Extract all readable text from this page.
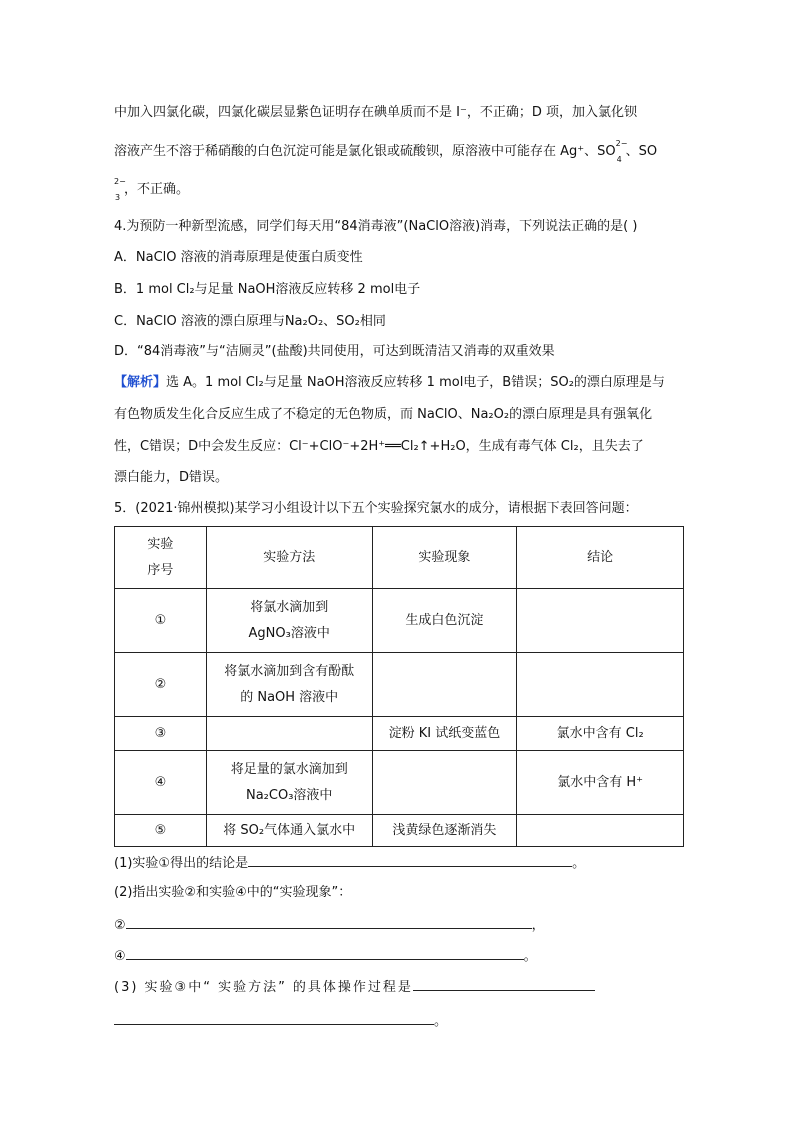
中加入四氯化碳，四氯化碳层显紫色证明存在碘单质而不是 I⁻，不正确；D 项，加入氯化钡
溶液产生不溶于稀硝酸的白色沉淀可能是氯化银或硫酸钡，原溶液中可能存在 Ag⁺、SO
2−
4
、SO
2−
3
，不正确。
4.为预防一种新型流感，同学们每天用“84消毒液”(NaClO溶液)消毒，下列说法正确的是( )
A．NaClO 溶液的消毒原理是使蛋白质变性
B．1 mol Cl₂与足量 NaOH溶液反应转移 2 mol电子
C．NaClO 溶液的漂白原理与Na₂O₂、SO₂相同
D．“84消毒液”与“洁厕灵”(盐酸)共同使用，可达到既清洁又消毒的双重效果
【解析】选 A。1 mol Cl₂与足量 NaOH溶液反应转移 1 mol电子，B错误；SO₂的漂白原理是与
有色物质发生化合反应生成了不稳定的无色物质，而 NaClO、Na₂O₂的漂白原理是具有强氧化
性，C错误；D中会发生反应：Cl⁻+ClO⁻+2H⁺══Cl₂↑+H₂O，生成有毒气体 Cl₂，且失去了
漂白能力，D错误。
5．(2021·锦州模拟)某学习小组设计以下五个实验探究氯水的成分，请根据下表回答问题：
实验
序号	实验方法	实验现象	结论
①	将氯水滴加到
AgNO₃溶液中	生成白色沉淀	
②	将氯水滴加到含有酚酞
的 NaOH 溶液中		
③		淀粉 KI 试纸变蓝色	氯水中含有 Cl₂
④	将足量的氯水滴加到
Na₂CO₃溶液中		氯水中含有 H⁺
⑤	将 SO₂气体通入氯水中	浅黄绿色逐渐消失	
(1)实验①得出的结论是	。
(2)指出实验②和实验④中的“实验现象”：
②	，
④	。
(3) 实验③中“ 实验方法” 的具体操作过程是
。
